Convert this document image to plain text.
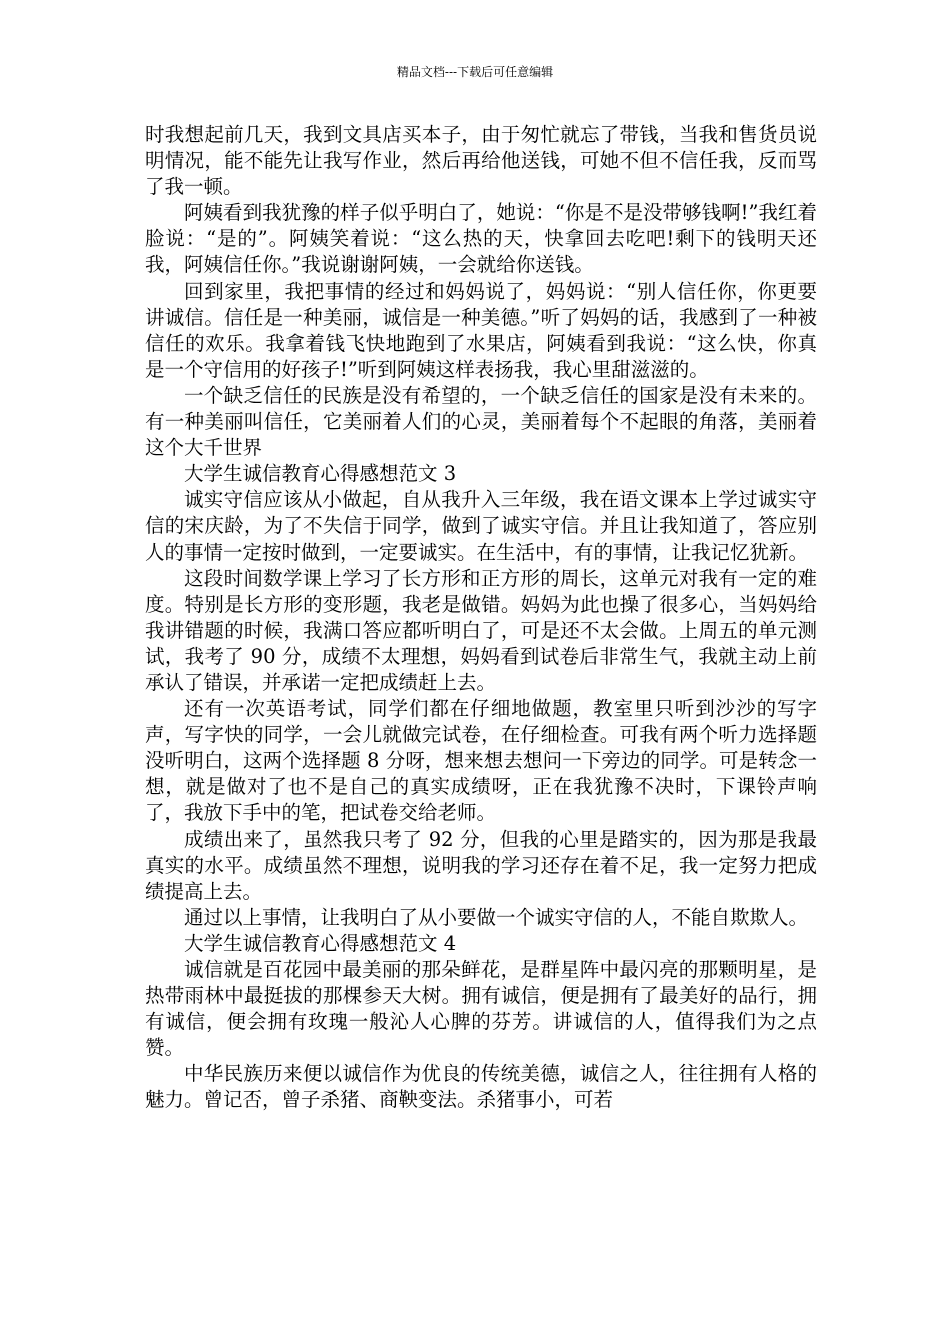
精品文档---下载后可任意编辑

时我想起前几天，我到文具店买本子，由于匆忙就忘了带钱，当我和售货员说明情况，能不能先让我写作业，然后再给他送钱，可她不但不信任我，反而骂了我一顿。

阿姨看到我犹豫的样子似乎明白了，她说：“你是不是没带够钱啊!”我红着脸说：“是的”。阿姨笑着说：“这么热的天，快拿回去吃吧!剩下的钱明天还我，阿姨信任你。”我说谢谢阿姨，一会就给你送钱。

回到家里，我把事情的经过和妈妈说了，妈妈说：“别人信任你，你更要讲诚信。信任是一种美丽，诚信是一种美德。”听了妈妈的话，我感到了一种被信任的欢乐。我拿着钱飞快地跑到了水果店，阿姨看到我说：“这么快，你真是一个守信用的好孩子!”听到阿姨这样表扬我，我心里甜滋滋的。

一个缺乏信任的民族是没有希望的，一个缺乏信任的国家是没有未来的。有一种美丽叫信任，它美丽着人们的心灵，美丽着每个不起眼的角落，美丽着这个大千世界

大学生诚信教育心得感想范文 3

诚实守信应该从小做起，自从我升入三年级，我在语文课本上学过诚实守信的宋庆龄，为了不失信于同学，做到了诚实守信。并且让我知道了，答应别人的事情一定按时做到，一定要诚实。在生活中，有的事情，让我记忆犹新。

这段时间数学课上学习了长方形和正方形的周长，这单元对我有一定的难度。特别是长方形的变形题，我老是做错。妈妈为此也操了很多心，当妈妈给我讲错题的时候，我满口答应都听明白了，可是还不太会做。上周五的单元测试，我考了 90 分，成绩不太理想，妈妈看到试卷后非常生气，我就主动上前承认了错误，并承诺一定把成绩赶上去。

还有一次英语考试，同学们都在仔细地做题，教室里只听到沙沙的写字声，写字快的同学，一会儿就做完试卷，在仔细检查。可我有两个听力选择题没听明白，这两个选择题 8 分呀，想来想去想问一下旁边的同学。可是转念一想，就是做对了也不是自己的真实成绩呀，正在我犹豫不决时，下课铃声响了，我放下手中的笔，把试卷交给老师。

成绩出来了，虽然我只考了 92 分，但我的心里是踏实的，因为那是我最真实的水平。成绩虽然不理想，说明我的学习还存在着不足，我一定努力把成绩提高上去。

通过以上事情，让我明白了从小要做一个诚实守信的人，不能自欺欺人。

大学生诚信教育心得感想范文 4

诚信就是百花园中最美丽的那朵鲜花，是群星阵中最闪亮的那颗明星，是热带雨林中最挺拔的那棵参天大树。拥有诚信，便是拥有了最美好的品行，拥有诚信，便会拥有玫瑰一般沁人心脾的芬芳。讲诚信的人，值得我们为之点赞。

中华民族历来便以诚信作为优良的传统美德，诚信之人，往往拥有人格的魅力。曾记否，曾子杀猪、商鞅变法。杀猪事小，可若
